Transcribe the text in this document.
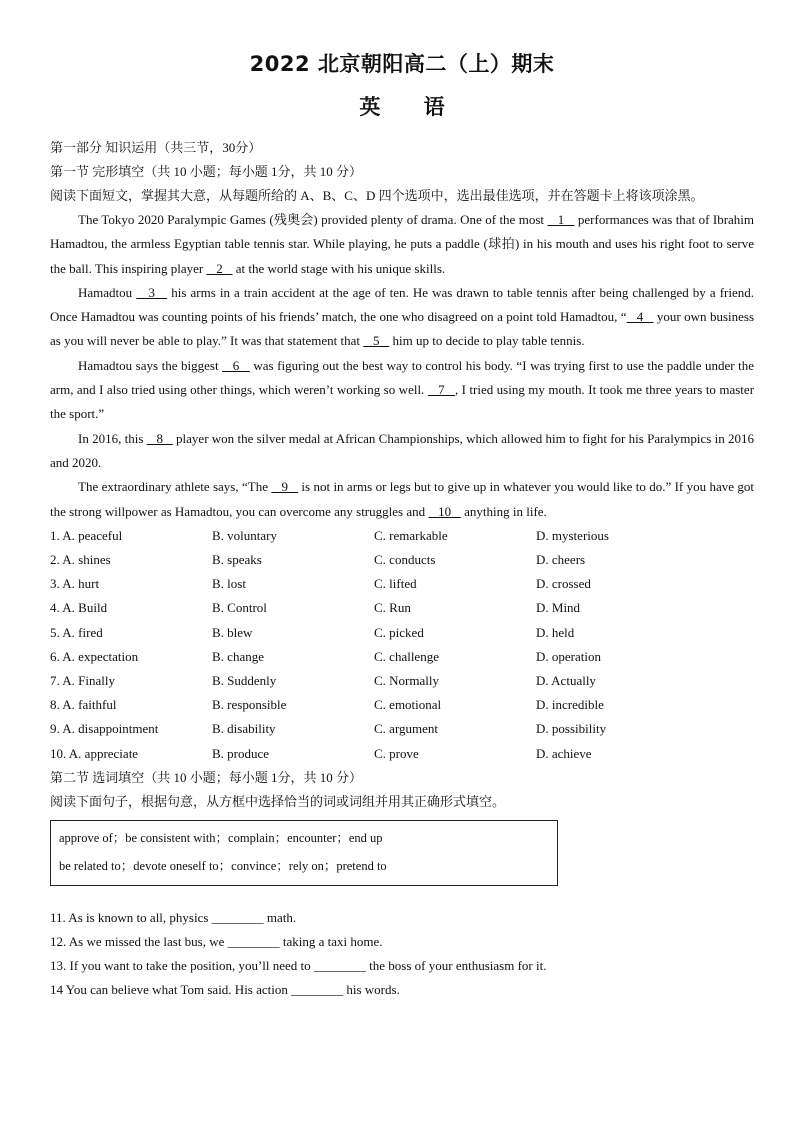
2022 北京朝阳高二（上）期末
英 语

第一部分 知识运用（共三节，30分）

第一节 完形填空（共 10 小题；每小题 1分，共 10 分）

阅读下面短文，掌握其大意，从每题所给的 A、B、C、D 四个选项中，选出最佳选项，并在答题卡上将该项涂黑。

The Tokyo 2020 Paralympic Games (残奥会) provided plenty of drama. One of the most    1    performances was that of Ibrahim Hamadtou, the armless Egyptian table tennis star. While playing, he puts a paddle (球拍) in his mouth and uses his right foot to serve the ball. This inspiring player    2    at the world stage with his unique skills.

Hamadtou    3    his arms in a train accident at the age of ten. He was drawn to table tennis after being challenged by a friend. Once Hamadtou was counting points of his friends’ match, the one who disagreed on a point told Hamadtou, “   4    your own business as you will never be able to play.” It was that statement that    5    him up to decide to play table tennis.

Hamadtou says the biggest    6    was figuring out the best way to control his body. “I was trying first to use the paddle under the arm, and I also tried using other things, which weren’t working so well.    7   , I tried using my mouth. It took me three years to master the sport.”

In 2016, this    8    player won the silver medal at African Championships, which allowed him to fight for his Paralympics in 2016 and 2020.

The extraordinary athlete says, “The    9    is not in arms or legs but to give up in whatever you would like to do.” If you have got the strong willpower as Hamadtou, you can overcome any struggles and    10    anything in life.

1. A. peaceful	B. voluntary	C. remarkable	D. mysterious
2. A. shines	B. speaks	C. conducts	D. cheers
3. A. hurt	B. lost	C. lifted	D. crossed
4. A. Build	B. Control	C. Run	D. Mind
5. A. fired	B. blew	C. picked	D. held
6. A. expectation	B. change	C. challenge	D. operation
7. A. Finally	B. Suddenly	C. Normally	D. Actually
8. A. faithful	B. responsible	C. emotional	D. incredible
9. A. disappointment	B. disability	C. argument	D. possibility
10. A. appreciate	B. produce	C. prove	D. achieve

第二节 选词填空（共 10 小题；每小题 1分，共 10 分）

阅读下面句子，根据句意，从方框中选择恰当的词或词组并用其正确形式填空。

approve of；be consistent with；complain；encounter；end up
be related to；devote oneself to；convince；rely on；pretend to

11. As is known to all, physics ________ math.

12. As we missed the last bus, we ________ taking a taxi home.

13. If you want to take the position, you’ll need to ________ the boss of your enthusiasm for it.

14 You can believe what Tom said. His action ________ his words.
